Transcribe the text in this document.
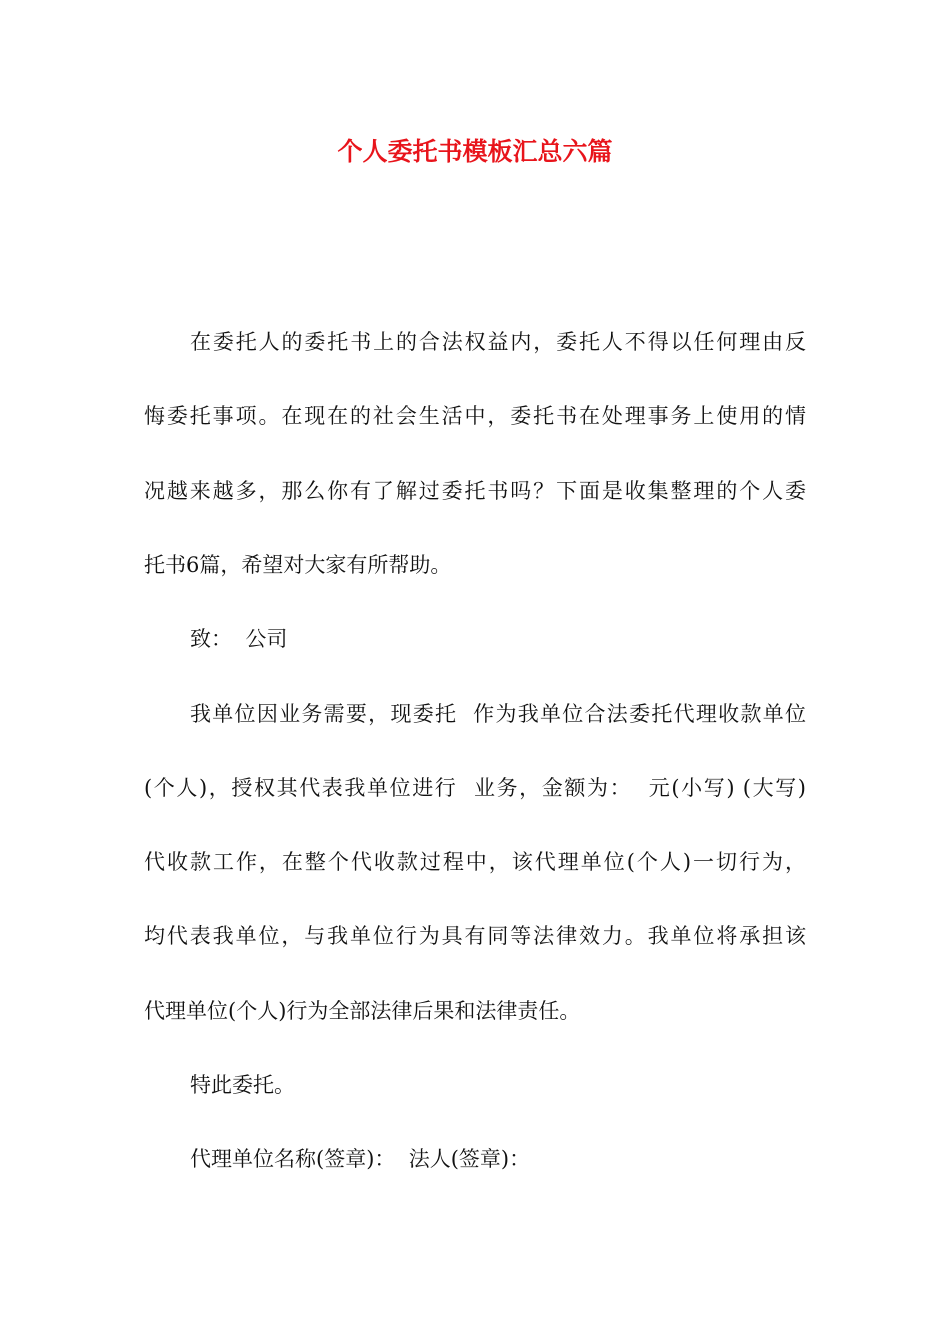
个人委托书模板汇总六篇

在委托人的委托书上的合法权益内，委托人不得以任何理由反

悔委托事项。在现在的社会生活中，委托书在处理事务上使用的情

况越来越多，那么你有了解过委托书吗？下面是收集整理的个人委

托书6篇，希望对大家有所帮助。

致：  公司

我单位因业务需要，现委托  作为我单位合法委托代理收款单位

(个人)，授权其代表我单位进行  业务，金额为：  元(小写) (大写)

代收款工作，在整个代收款过程中，该代理单位(个人)一切行为，

均代表我单位，与我单位行为具有同等法律效力。我单位将承担该

代理单位(个人)行为全部法律后果和法律责任。

特此委托。

代理单位名称(签章)：  法人(签章)：
